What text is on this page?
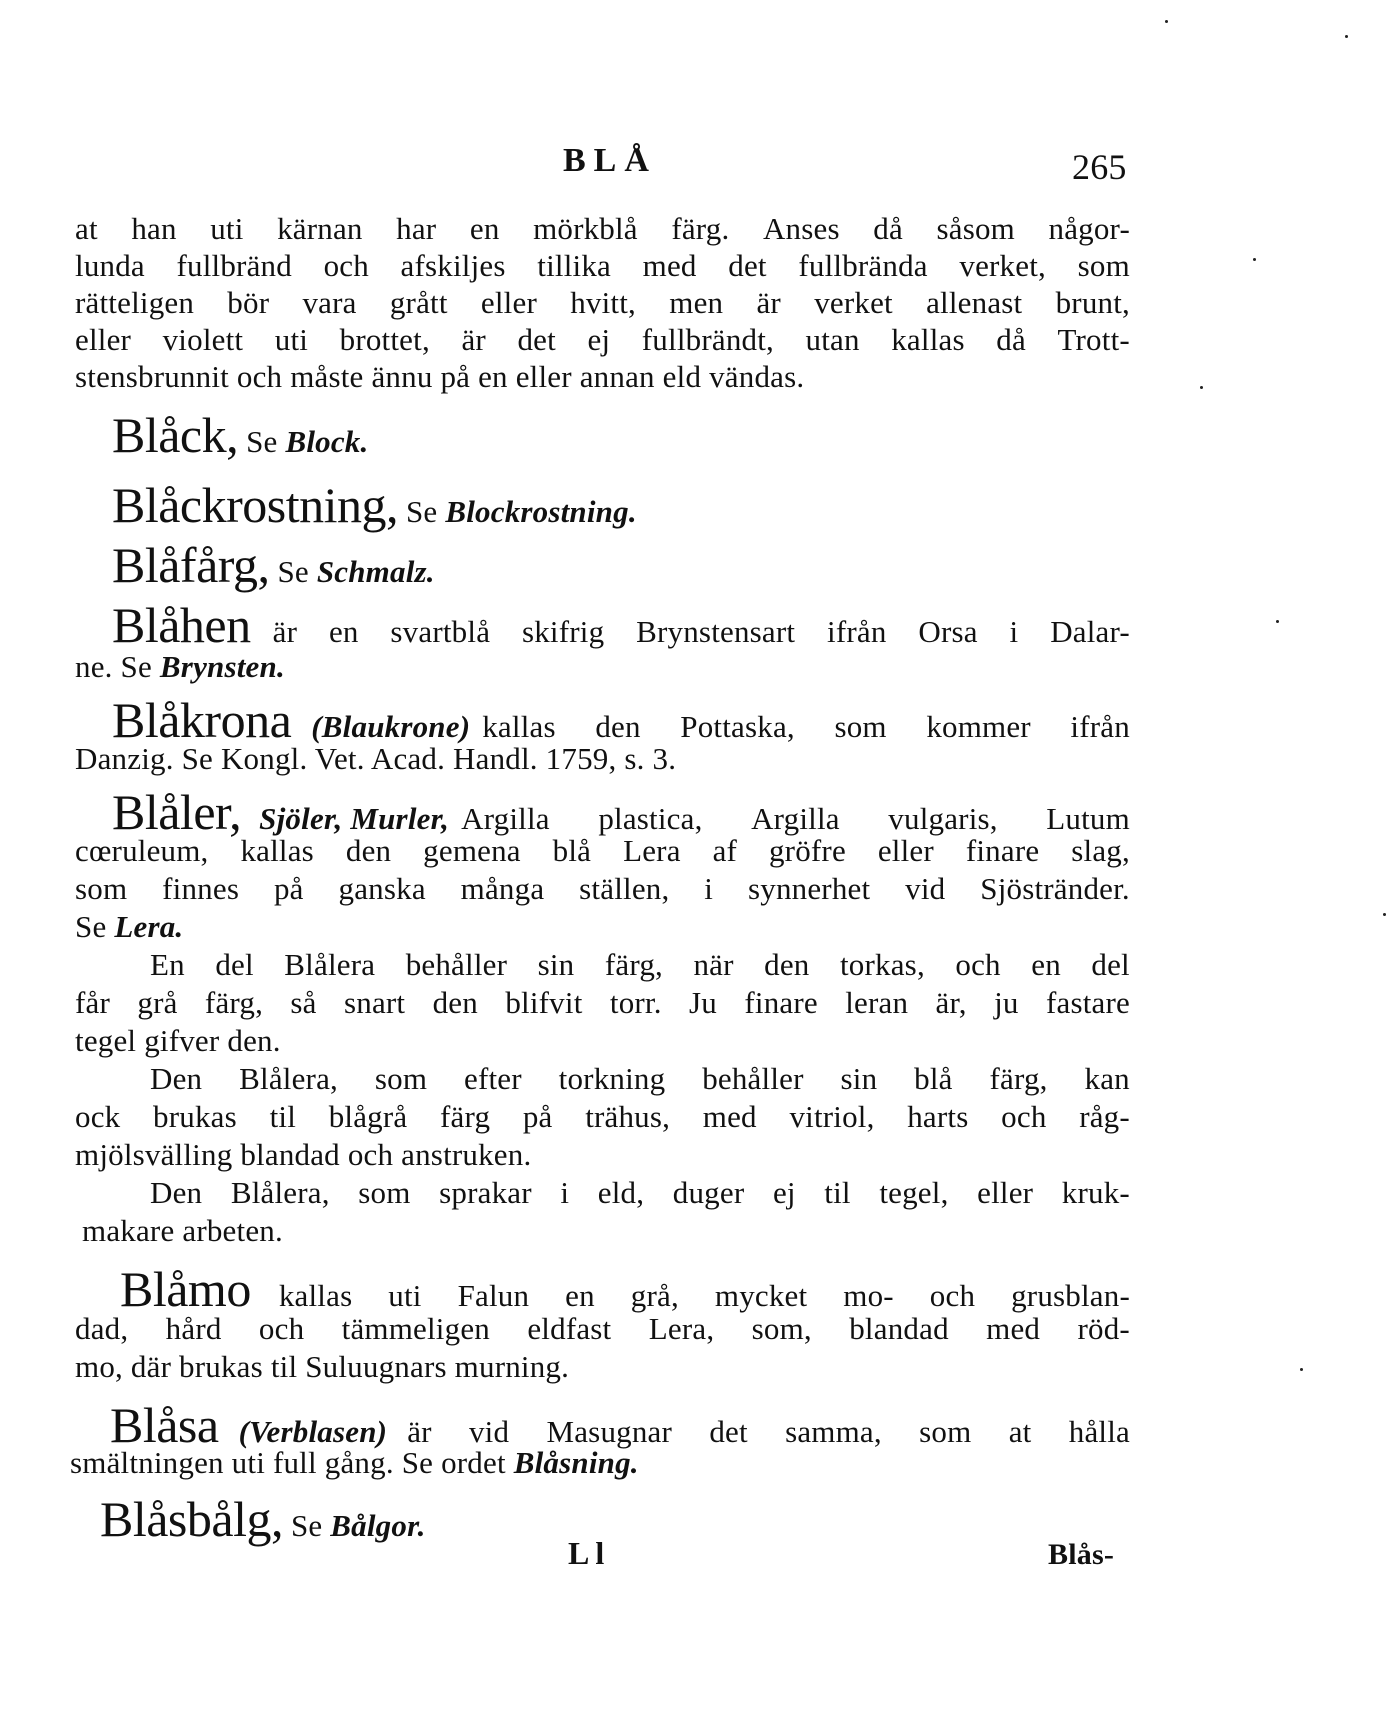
BLÅ	265
at han uti kärnan har en mörkblå färg. Anses då såsom någor-
lunda fullbränd och afskiljes tillika med det fullbrända verket, som
rätteligen bör vara grått eller hvitt, men är verket allenast brunt,
eller violett uti brottet, är det ej fullbrändt, utan kallas då Trott-
stensbrunnit och måste ännu på en eller annan eld vändas.
Blåck, Se Block.
Blåckrostning, Se Blockrostning.
Blåfårg, Se Schmalz.
Blåhen är en svartblå skifrig Brynstensart ifrån Orsa i Dalar-
ne. Se Brynsten.
Blåkrona (Blaukrone) kallas den Pottaska, som kommer ifrån
Danzig. Se Kongl. Vet. Acad. Handl. 1759, s. 3.
Blåler, Sjöler, Murler, Argilla plastica, Argilla vulgaris, Lutum
cœruleum, kallas den gemena blå Lera af gröfre eller finare slag,
som finnes på ganska många ställen, i synnerhet vid Sjöstränder.
Se Lera.
En del Blålera behåller sin färg, när den torkas, och en del
får grå färg, så snart den blifvit torr. Ju finare leran är, ju fastare
tegel gifver den.
Den Blålera, som efter torkning behåller sin blå färg, kan
ock brukas til blågrå färg på trähus, med vitriol, harts och råg-
mjölsvälling blandad och anstruken.
Den Blålera, som sprakar i eld, duger ej til tegel, eller kruk-
makare arbeten.
Blåmo kallas uti Falun en grå, mycket mo- och grusblan-
dad, hård och tämmeligen eldfast Lera, som, blandad med röd-
mo, där brukas til Suluugnars murning.
Blåsa (Verblasen) är vid Masugnar det samma, som at hålla
smältningen uti full gång. Se ordet Blåsning.
Blåsbålg, Se Bålgor.
Ll	Blås-
